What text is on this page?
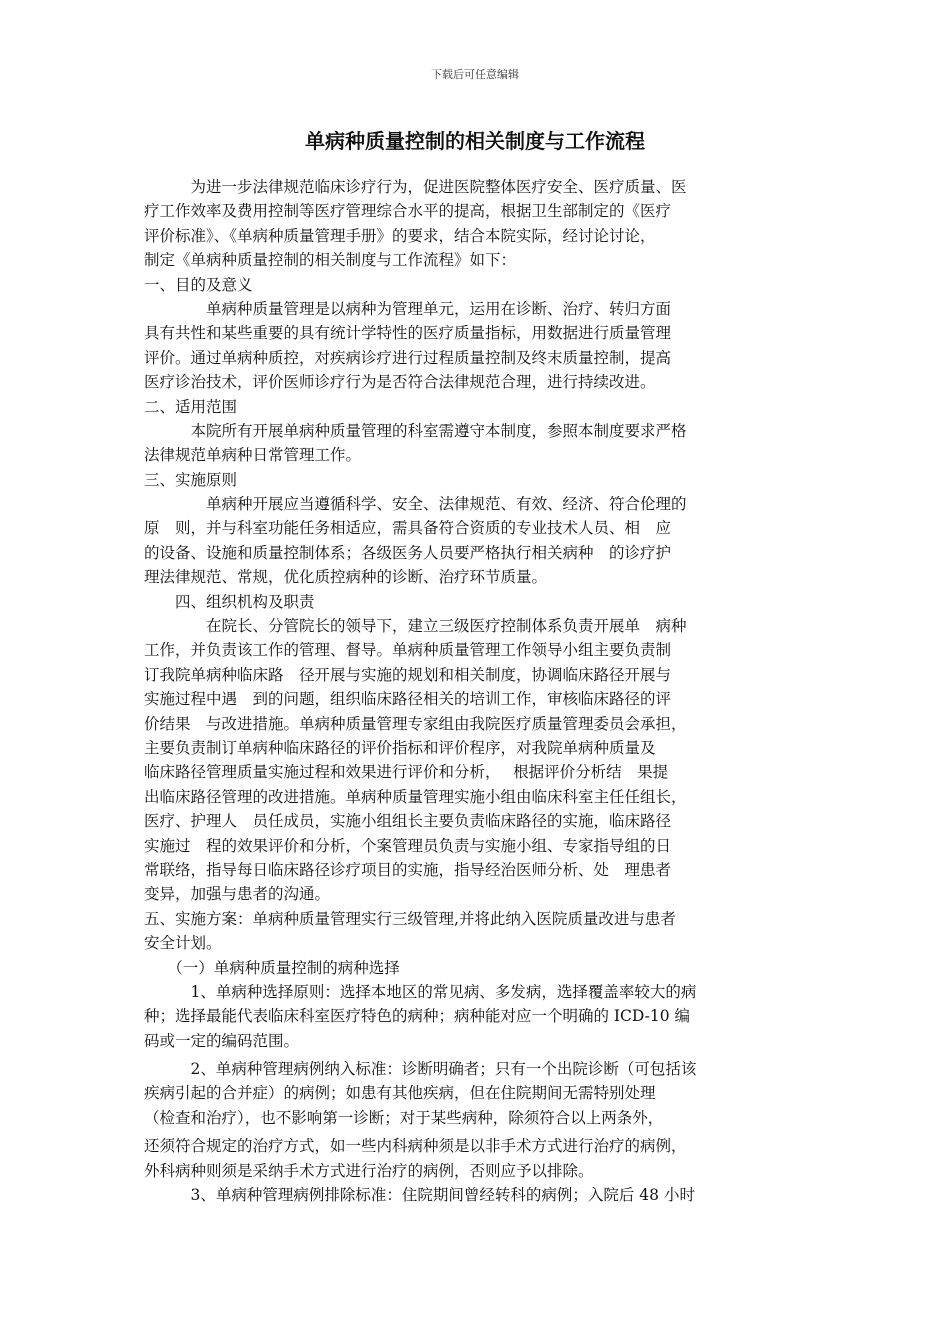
下载后可任意编辑
单病种质量控制的相关制度与工作流程
　　　为进一步法律规范临床诊疗行为，促进医院整体医疗安全、医疗质量、医
疗工作效率及费用控制等医疗管理综合水平的提高，根据卫生部制定的《医疗
评价标准》、《单病种质量管理手册》的要求，结合本院实际，经讨论讨论，
制定《单病种质量控制的相关制度与工作流程》如下：
一、目的及意义
　　　　单病种质量管理是以病种为管理单元，运用在诊断、治疗、转归方面
具有共性和某些重要的具有统计学特性的医疗质量指标，用数据进行质量管理
评价。通过单病种质控，对疾病诊疗进行过程质量控制及终末质量控制，提高
医疗诊治技术，评价医师诊疗行为是否符合法律规范合理，进行持续改进。
二、适用范围
　　　本院所有开展单病种质量管理的科室需遵守本制度，参照本制度要求严格
法律规范单病种日常管理工作。
三、实施原则
　　　　单病种开展应当遵循科学、安全、法律规范、有效、经济、符合伦理的
原　则，并与科室功能任务相适应，需具备符合资质的专业技术人员、相　应
的设备、设施和质量控制体系；各级医务人员要严格执行相关病种　的诊疗护
理法律规范、常规，优化质控病种的诊断、治疗环节质量。
　　四、组织机构及职责
　　　　在院长、分管院长的领导下，建立三级医疗控制体系负责开展单　病种
工作，并负责该工作的管理、督导。单病种质量管理工作领导小组主要负责制
订我院单病种临床路　径开展与实施的规划和相关制度，协调临床路径开展与
实施过程中遇　到的问题，组织临床路径相关的培训工作，审核临床路径的评
价结果　与改进措施。单病种质量管理专家组由我院医疗质量管理委员会承担，
主要负责制订单病种临床路径的评价指标和评价程序，对我院单病种质量及
临床路径管理质量实施过程和效果进行评价和分析，　 根据评价分析结　果提
出临床路径管理的改进措施。单病种质量管理实施小组由临床科室主任任组长，
医疗、护理人　员任成员，实施小组组长主要负责临床路径的实施，临床路径
实施过　程的效果评价和分析，个案管理员负责与实施小组、专家指导组的日
常联络，指导每日临床路径诊疗项目的实施，指导经治医师分析、处　理患者
变异，加强与患者的沟通。
五、实施方案：单病种质量管理实行三级管理,并将此纳入医院质量改进与患者
安全计划。
　　（一）单病种质量控制的病种选择
　　　1、单病种选择原则：选择本地区的常见病、多发病，选择覆盖率较大的病
种；选择最能代表临床科室医疗特色的病种；病种能对应一个明确的 ICD-10 编
码或一定的编码范围。
　　　2、单病种管理病例纳入标准：诊断明确者；只有一个出院诊断（可包括该
疾病引起的合并症）的病例；如患有其他疾病，但在住院期间无需特别处理
（检查和治疗），也不影响第一诊断；对于某些病种，除须符合以上两条外，
还须符合规定的治疗方式，如一些内科病种须是以非手术方式进行治疗的病例，
外科病种则须是采纳手术方式进行治疗的病例，否则应予以排除。
　　　3、单病种管理病例排除标准：住院期间曾经转科的病例；入院后 48 小时
